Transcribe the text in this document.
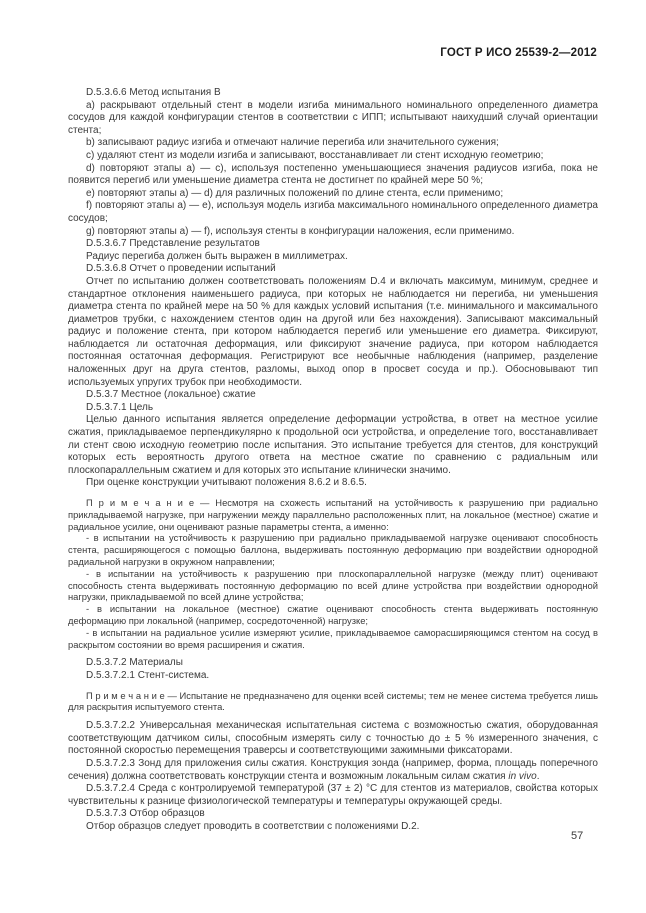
ГОСТ Р ИСО 25539-2—2012

D.5.3.6.6 Метод испытания В

a) раскрывают отдельный стент в модели изгиба минимального номинального определенного диаметра сосудов для каждой конфигурации стентов в соответствии с ИПП; испытывают наихудший случай ориентации стента;

b) записывают радиус изгиба и отмечают наличие перегиба или значительного сужения;

c) удаляют стент из модели изгиба и записывают, восстанавливает ли стент исходную геометрию;

d) повторяют этапы a) — c), используя постепенно уменьшающиеся значения радиусов изгиба, пока не появится перегиб или уменьшение диаметра стента не достигнет по крайней мере 50 %;

e) повторяют этапы a) — d) для различных положений по длине стента, если применимо;

f) повторяют этапы a) — e), используя модель изгиба максимального номинального определенного диаметра сосудов;

g) повторяют этапы a) — f), используя стенты в конфигурации наложения, если применимо.

D.5.3.6.7 Представление результатов

Радиус перегиба должен быть выражен в миллиметрах.

D.5.3.6.8 Отчет о проведении испытаний

Отчет по испытанию должен соответствовать положениям D.4 и включать максимум, минимум, среднее и стандартное отклонения наименьшего радиуса, при которых не наблюдается ни перегиба, ни уменьшения диаметра стента по крайней мере на 50 % для каждых условий испытания (т.е. минимального и максимального диаметров трубки, с нахождением стентов один на другой или без нахождения). Записывают максимальный радиус и положение стента, при котором наблюдается перегиб или уменьшение его диаметра. Фиксируют, наблюдается ли остаточная деформация, или фиксируют значение радиуса, при котором наблюдается постоянная остаточная деформация. Регистрируют все необычные наблюдения (например, разделение наложенных друг на друга стентов, разломы, выход опор в просвет сосуда и пр.). Обосновывают тип используемых упругих трубок при необходимости.

D.5.3.7 Местное (локальное) сжатие

D.5.3.7.1 Цель

Целью данного испытания является определение деформации устройства, в ответ на местное усилие сжатия, прикладываемое перпендикулярно к продольной оси устройства, и определение того, восстанавливает ли стент свою исходную геометрию после испытания. Это испытание требуется для стентов, для конструкций которых есть вероятность другого ответа на местное сжатие по сравнению с радиальным или плоскопараллельным сжатием и для которых это испытание клинически значимо.

При оценке конструкции учитывают положения 8.6.2 и 8.6.5.

П р и м е ч а н и е — Несмотря на схожесть испытаний на устойчивость к разрушению при радиально прикладываемой нагрузке, при нагружении между параллельно расположенных плит, на локальное (местное) сжатие и радиальное усилие, они оценивают разные параметры стента, а именно:

- в испытании на устойчивость к разрушению при радиально прикладываемой нагрузке оценивают способность стента, расширяющегося с помощью баллона, выдерживать постоянную деформацию при воздействии однородной радиальной нагрузки в окружном направлении;

- в испытании на устойчивость к разрушению при плоскопараллельной нагрузке (между плит) оценивают способность стента выдерживать постоянную деформацию по всей длине устройства при воздействии однородной нагрузки, прикладываемой по всей длине устройства;

- в испытании на локальное (местное) сжатие оценивают способность стента выдерживать постоянную деформацию при локальной (например, сосредоточенной) нагрузке;

- в испытании на радиальное усилие измеряют усилие, прикладываемое саморасширяющимся стентом на сосуд в раскрытом состоянии во время расширения и сжатия.

D.5.3.7.2 Материалы

D.5.3.7.2.1 Стент-система.

П р и м е ч а н и е — Испытание не предназначено для оценки всей системы; тем не менее система требуется лишь для раскрытия испытуемого стента.

D.5.3.7.2.2 Универсальная механическая испытательная система с возможностью сжатия, оборудованная соответствующим датчиком силы, способным измерять силу с точностью до ± 5 % измеренного значения, с постоянной скоростью перемещения траверсы и соответствующими зажимными фиксаторами.

D.5.3.7.2.3 Зонд для приложения силы сжатия. Конструкция зонда (например, форма, площадь поперечного сечения) должна соответствовать конструкции стента и возможным локальным силам сжатия in vivo.

D.5.3.7.2.4 Среда с контролируемой температурой (37 ± 2) °С для стентов из материалов, свойства которых чувствительны к разнице физиологической температуры и температуры окружающей среды.

D.5.3.7.3 Отбор образцов

Отбор образцов следует проводить в соответствии с положениями D.2.

57
